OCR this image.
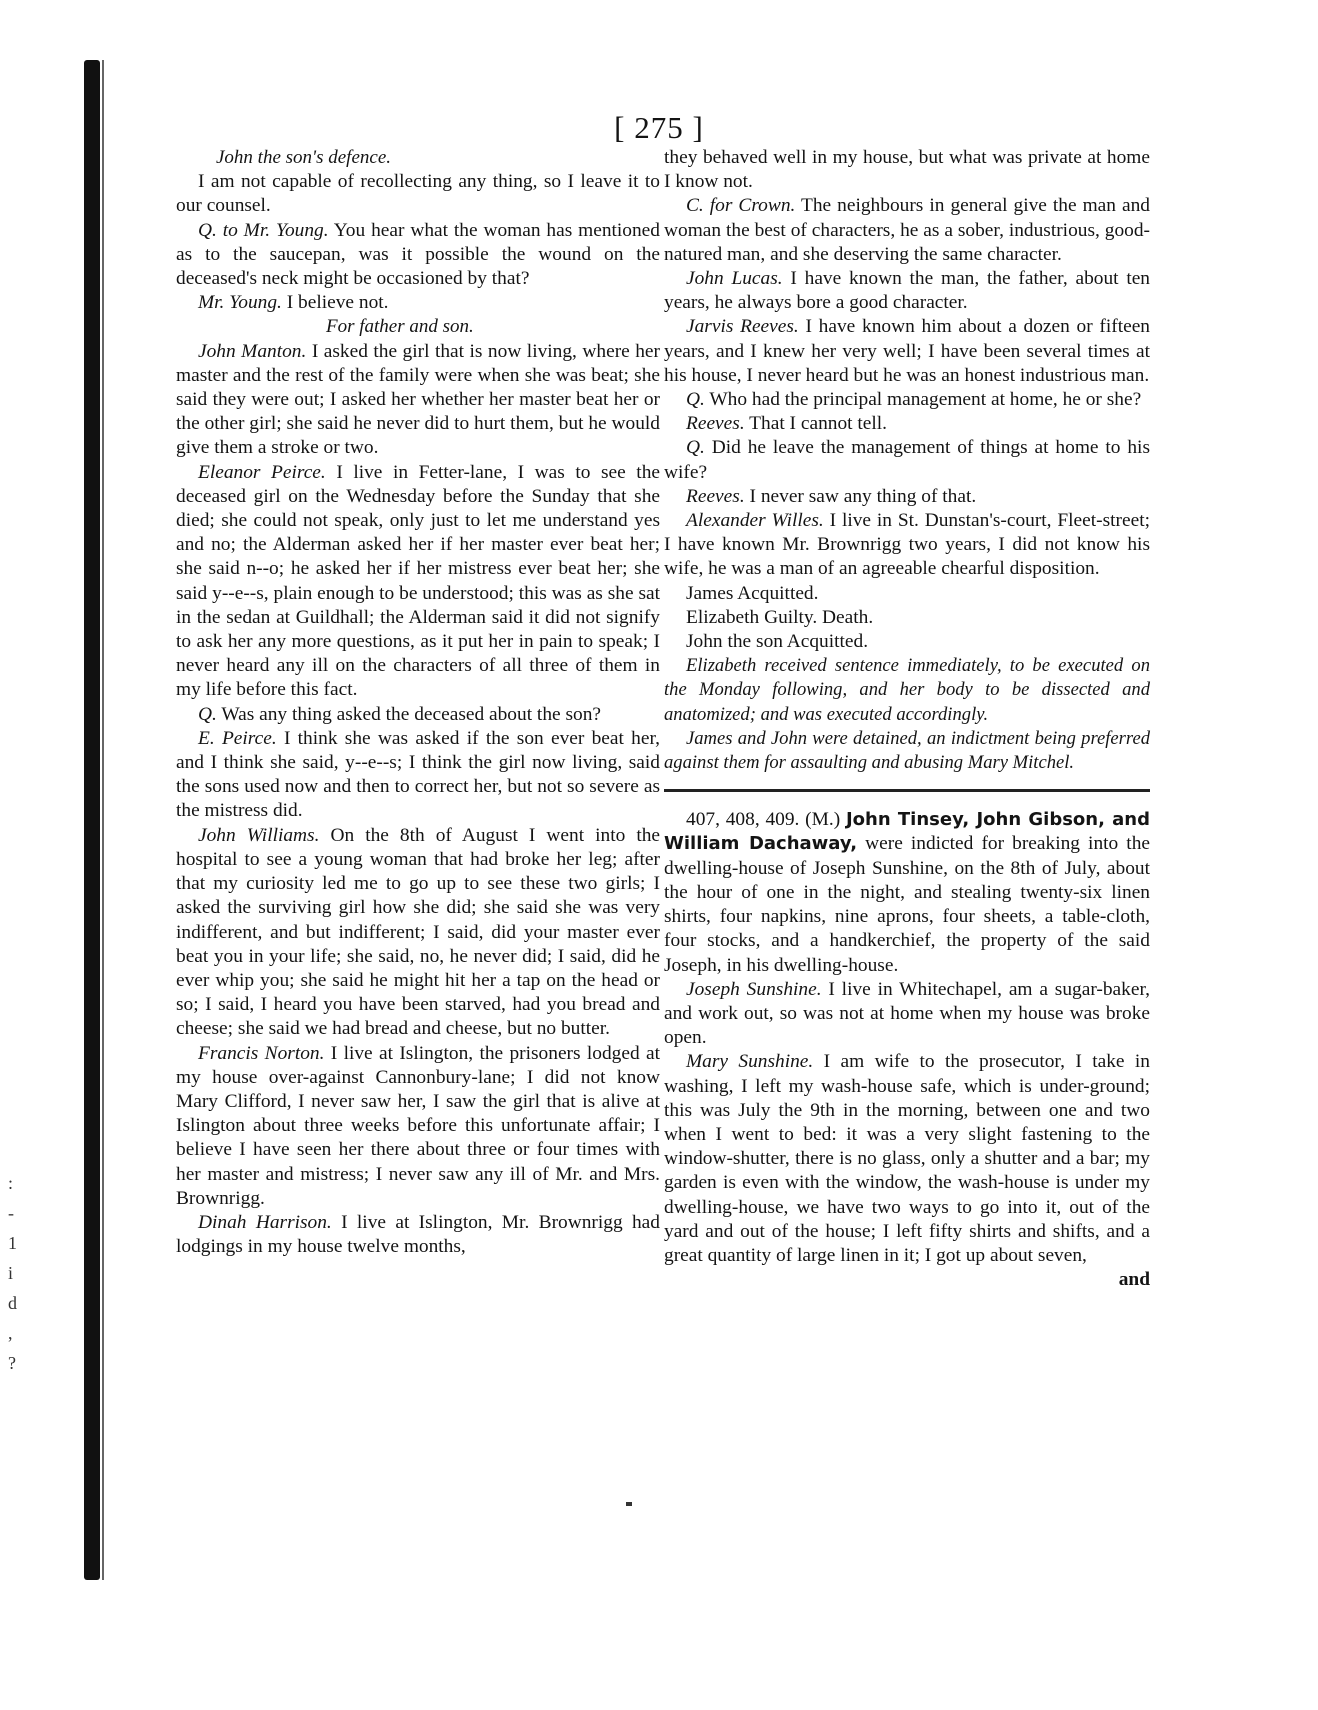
:
-
1
i
d
,
?
[ 275 ]

John the son's defence.

I am not capable of recollecting any thing, so I leave it to our counsel.

Q. to Mr. Young. You hear what the woman has mentioned as to the saucepan, was it possible the wound on the deceased's neck might be occasioned by that?

Mr. Young. I believe not.

For father and son.

John Manton. I asked the girl that is now living, where her master and the rest of the family were when she was beat; she said they were out; I asked her whether her master beat her or the other girl; she said he never did to hurt them, but he would give them a stroke or two.

Eleanor Peirce. I live in Fetter-lane, I was to see the deceased girl on the Wednesday before the Sunday that she died; she could not speak, only just to let me understand yes and no; the Alderman asked her if her master ever beat her; she said n--o; he asked her if her mistress ever beat her; she said y--e--s, plain enough to be understood; this was as she sat in the sedan at Guildhall; the Alderman said it did not signify to ask her any more questions, as it put her in pain to speak; I never heard any ill on the characters of all three of them in my life before this fact.

Q. Was any thing asked the deceased about the son?

E. Peirce. I think she was asked if the son ever beat her, and I think she said, y--e--s; I think the girl now living, said the sons used now and then to correct her, but not so severe as the mistress did.

John Williams. On the 8th of August I went into the hospital to see a young woman that had broke her leg; after that my curiosity led me to go up to see these two girls; I asked the surviving girl how she did; she said she was very indifferent, and but indifferent; I said, did your master ever beat you in your life; she said, no, he never did; I said, did he ever whip you; she said he might hit her a tap on the head or so; I said, I heard you have been starved, had you bread and cheese; she said we had bread and cheese, but no butter.

Francis Norton. I live at Islington, the prisoners lodged at my house over-against Cannonbury-lane; I did not know Mary Clifford, I never saw her, I saw the girl that is alive at Islington about three weeks before this unfortunate affair; I believe I have seen her there about three or four times with her master and mistress; I never saw any ill of Mr. and Mrs. Brownrigg.

Dinah Harrison. I live at Islington, Mr. Brownrigg had lodgings in my house twelve months,

they behaved well in my house, but what was private at home I know not.

C. for Crown. The neighbours in general give the man and woman the best of characters, he as a sober, industrious, good-natured man, and she deserving the same character.

John Lucas. I have known the man, the father, about ten years, he always bore a good character.

Jarvis Reeves. I have known him about a dozen or fifteen years, and I knew her very well; I have been several times at his house, I never heard but he was an honest industrious man.

Q. Who had the principal management at home, he or she?

Reeves. That I cannot tell.

Q. Did he leave the management of things at home to his wife?

Reeves. I never saw any thing of that.

Alexander Willes. I live in St. Dunstan's-court, Fleet-street; I have known Mr. Brownrigg two years, I did not know his wife, he was a man of an agreeable chearful disposition.

James Acquitted.

Elizabeth Guilty. Death.

John the son Acquitted.

Elizabeth received sentence immediately, to be executed on the Monday following, and her body to be dissected and anatomized; and was executed accordingly.

James and John were detained, an indictment being preferred against them for assaulting and abusing Mary Mitchel.

407, 408, 409. (M.) John Tinsey, John Gibson, and William Dachaway, were indicted for breaking into the dwelling-house of Joseph Sunshine, on the 8th of July, about the hour of one in the night, and stealing twenty-six linen shirts, four napkins, nine aprons, four sheets, a table-cloth, four stocks, and a handkerchief, the property of the said Joseph, in his dwelling-house.

Joseph Sunshine. I live in Whitechapel, am a sugar-baker, and work out, so was not at home when my house was broke open.

Mary Sunshine. I am wife to the prosecutor, I take in washing, I left my wash-house safe, which is under-ground; this was July the 9th in the morning, between one and two when I went to bed: it was a very slight fastening to the window-shutter, there is no glass, only a shutter and a bar; my garden is even with the window, the wash-house is under my dwelling-house, we have two ways to go into it, out of the yard and out of the house; I left fifty shirts and shifts, and a great quantity of large linen in it; I got up about seven,

and
